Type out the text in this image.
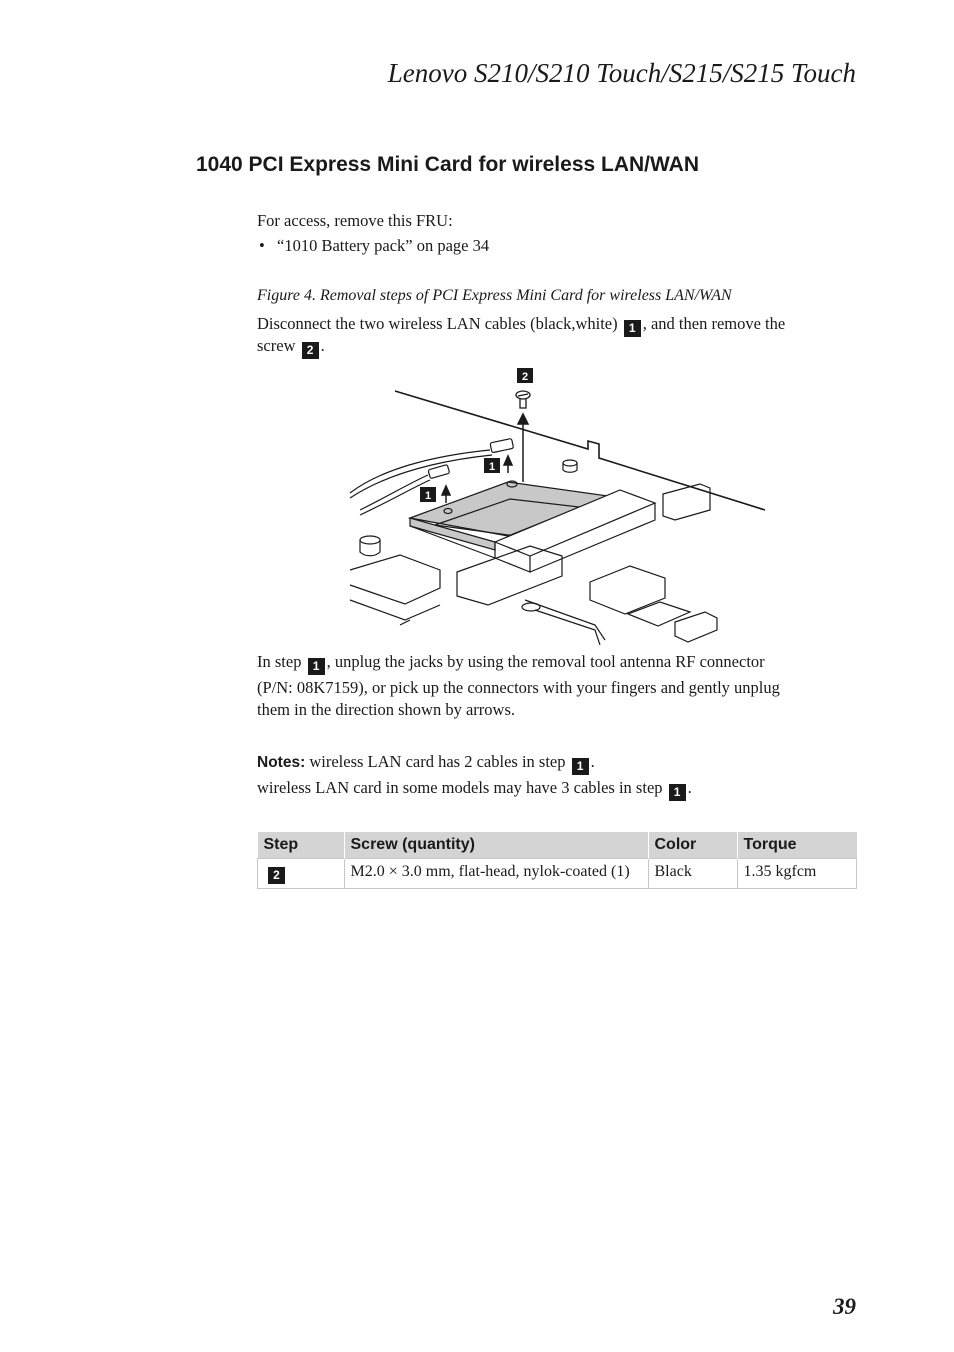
Lenovo S210/S210 Touch/S215/S215 Touch
1040 PCI Express Mini Card for wireless LAN/WAN
For access, remove this FRU:
• “1010 Battery pack” on page 34
Figure 4. Removal steps of PCI Express Mini Card for wireless LAN/WAN
Disconnect the two wireless LAN cables (black,white) 1 , and then remove the
screw 2 .
2
1
1
In step 1 , unplug the jacks by using the removal tool antenna RF connector
(P/N: 08K7159), or pick up the connectors with your fingers and gently unplug
them in the direction shown by arrows.
Notes: wireless LAN card has 2 cables in step 1 .
wireless LAN card in some models may have 3 cables in step 1 .
Step	Screw (quantity)	Color	Torque
2	M2.0 × 3.0 mm, flat-head, nylok-coated (1)	Black	1.35 kgfcm
39
